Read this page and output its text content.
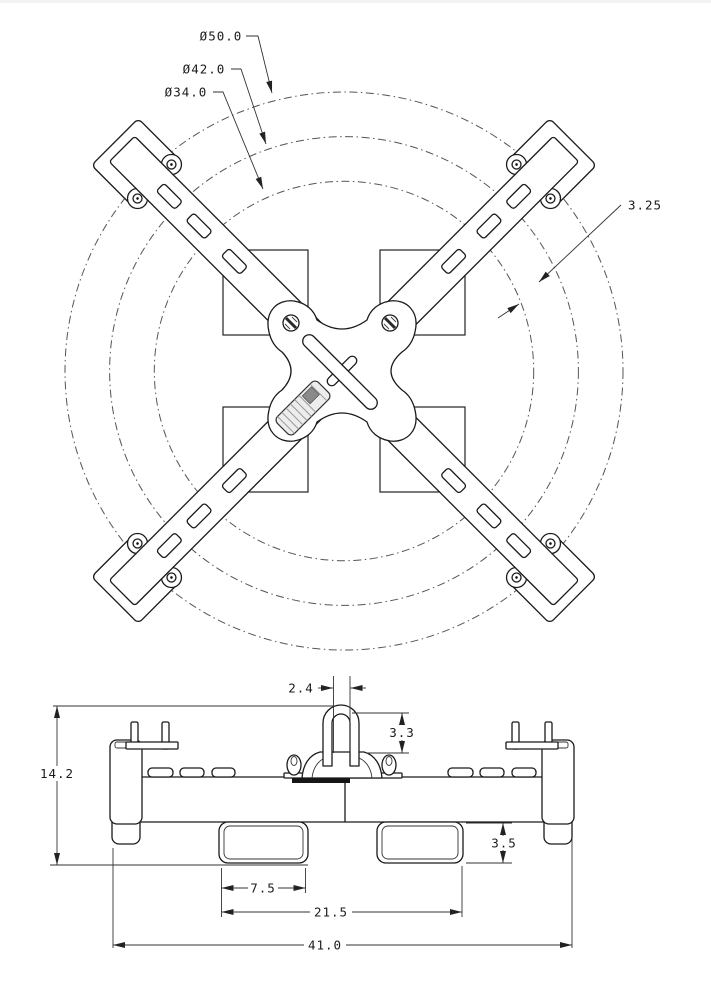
Ø50.0
Ø42.0
Ø34.0
3.25
2.4
3.3
14.2
3.5
7.5
21.5
41.0
